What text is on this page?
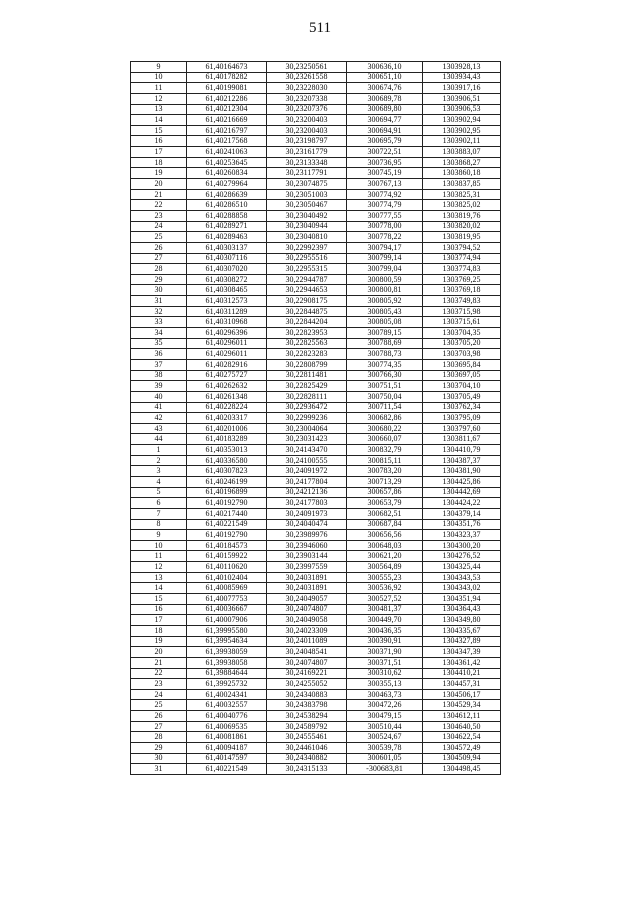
511
9	61,40164673	30,23250561	300636,10	1303928,13
10	61,40178282	30,23261558	300651,10	1303934,43
11	61,40199081	30,23228030	300674,76	1303917,16
12	61,40212286	30,23207338	300689,78	1303906,51
13	61,40212304	30,23207376	300689,80	1303906,53
14	61,40216669	30,23200403	300694,77	1303902,94
15	61,40216797	30,23200403	300694,91	1303902,95
16	61,40217568	30,23198797	300695,79	1303902,11
17	61,40241063	30,23161779	300722,51	1303883,07
18	61,40253645	30,23133348	300736,95	1303868,27
19	61,40260834	30,23117791	300745,19	1303860,18
20	61,40279964	30,23074875	300767,13	1303837,85
21	61,40286639	30,23051003	300774,92	1303825,31
22	61,40286510	30,23050467	300774,79	1303825,02
23	61,40288858	30,23040492	300777,55	1303819,76
24	61,40289271	30,23040944	300778,00	1303820,02
25	61,40289463	30,23040810	300778,22	1303819,95
26	61,40303137	30,22992397	300794,17	1303794,52
27	61,40307116	30,22955516	300799,14	1303774,94
28	61,40307020	30,22955315	300799,04	1303774,83
29	61,40308272	30,22944787	300800,59	1303769,25
30	61,40308465	30,22944653	300800,81	1303769,18
31	61,40312573	30,22908175	300805,92	1303749,83
32	61,40311289	30,22844875	300805,43	1303715,98
33	61,40310968	30,22844204	300805,08	1303715,61
34	61,40296396	30,22823953	300789,15	1303704,35
35	61,40296011	30,22825563	300788,69	1303705,20
36	61,40296011	30,22823283	300788,73	1303703,98
37	61,40282916	30,22808799	300774,35	1303695,84
38	61,40275727	30,22811481	300766,30	1303697,05
39	61,40262632	30,22825429	300751,51	1303704,10
40	61,40261348	30,22828111	300750,04	1303705,49
41	61,40228224	30,22936472	300711,54	1303762,34
42	61,40203317	30,22999236	300682,86	1303795,09
43	61,40201006	30,23004064	300680,22	1303797,60
44	61,40183289	30,23031423	300660,07	1303811,67
1	61,40353013	30,24143470	300832,79	1304410,79
2	61,40336580	30,24100555	300815,11	1304387,37
3	61,40307823	30,24091972	300783,20	1304381,90
4	61,40246199	30,24177804	300713,29	1304425,86
5	61,40196899	30,24212136	300657,86	1304442,69
6	61,40192790	30,24177803	300653,79	1304424,22
7	61,40217440	30,24091973	300682,51	1304379,14
8	61,40221549	30,24040474	300687,84	1304351,76
9	61,40192790	30,23989976	300656,56	1304323,37
10	61,40184573	30,23946060	300648,03	1304300,20
11	61,40159922	30,23903144	300621,20	1304276,52
12	61,40110620	30,23997559	300564,89	1304325,44
13	61,40102404	30,24031891	300555,23	1304343,53
14	61,40085969	30,24031891	300536,92	1304343,02
15	61,40077753	30,24049057	300527,52	1304351,94
16	61,40036667	30,24074807	300481,37	1304364,43
17	61,40007906	30,24049058	300449,70	1304349,80
18	61,39995580	30,24023309	300436,35	1304335,67
19	61,39954634	30,24011089	300390,91	1304327,89
20	61,39938059	30,24048541	300371,90	1304347,39
21	61,39938058	30,24074807	300371,51	1304361,42
22	61,39884644	30,24169221	300310,62	1304410,21
23	61,39925732	30,24255052	300355,13	1304457,31
24	61,40024341	30,24340883	300463,73	1304506,17
25	61,40032557	30,24383798	300472,26	1304529,34
26	61,40040776	30,24538294	300479,15	1304612,11
27	61,40069535	30,24589792	300510,44	1304640,50
28	61,40081861	30,24555461	300524,67	1304622,54
29	61,40094187	30,24461046	300539,78	1304572,49
30	61,40147597	30,24340882	300601,05	1304509,94
31	61,40221549	30,24315133	-300683,81	1304498,45
